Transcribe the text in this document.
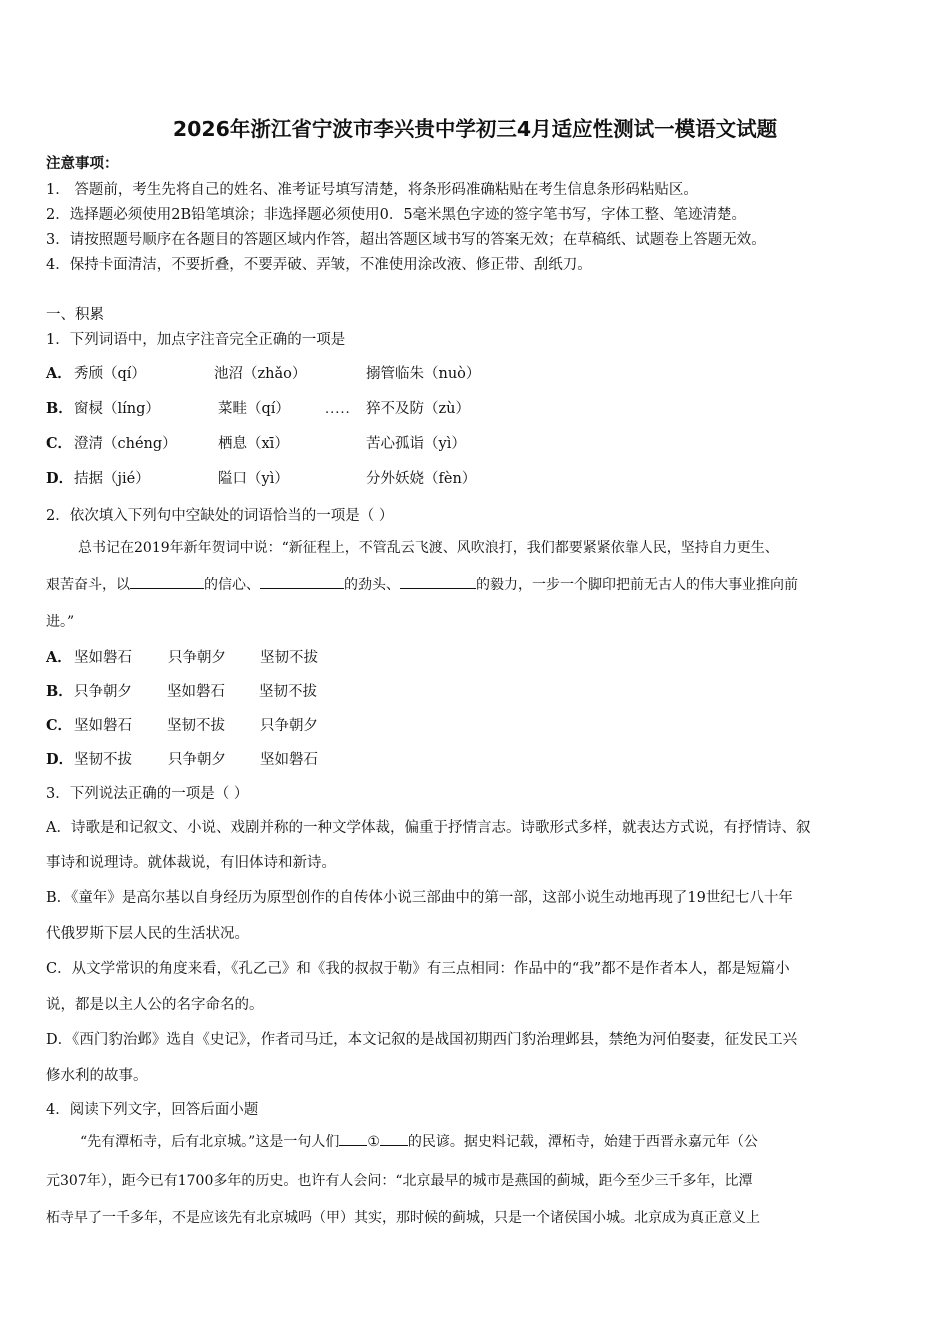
2026年浙江省宁波市李兴贵中学初三4月适应性测试一模语文试题
注意事项：
1． 答题前，考生先将自己的姓名、准考证号填写清楚，将条形码准确粘贴在考生信息条形码粘贴区。
2．选择题必须使用2B铅笔填涂；非选择题必须使用0．5毫米黑色字迹的签字笔书写，字体工整、笔迹清楚。
3．请按照题号顺序在各题目的答题区域内作答，超出答题区域书写的答案无效；在草稿纸、试题卷上答题无效。
4．保持卡面清洁，不要折叠，不要弄破、弄皱，不准使用涂改液、修正带、刮纸刀。
一、积累
1．下列词语中，加点字注音完全正确的一项是
A． 秀颀（qí）	池沼（zhǎo）	搦管临朱（nuò）
B． 窗棂（líng）	菜畦（qí）	..... 猝不及防（zù）
C． 澄清（chéng）	栖息（xī）	苦心孤诣（yì）
D． 拮据（jié）	隘口（yì）	分外妖娆（fèn）
2．依次填入下列句中空缺处的词语恰当的一项是（ ）
总书记在2019年新年贺词中说：“新征程上，不管乱云飞渡、风吹浪打，我们都要紧紧依靠人民，坚持自力更生、
艰苦奋斗，以	的信心、	的劲头、	的毅力，一步一个脚印把前无古人的伟大事业推向前
进。”
A． 坚如磐石 只争朝夕 坚韧不拔
B． 只争朝夕 坚如磐石 坚韧不拔
C． 坚如磐石 坚韧不拔 只争朝夕
D． 坚韧不拔 只争朝夕 坚如磐石
3．下列说法正确的一项是（ ）
A．诗歌是和记叙文、小说、戏剧并称的一种文学体裁，偏重于抒情言志。诗歌形式多样，就表达方式说，有抒情诗、叙
事诗和说理诗。就体裁说，有旧体诗和新诗。
B．《童年》是高尔基以自身经历为原型创作的自传体小说三部曲中的第一部，这部小说生动地再现了19世纪七八十年
代俄罗斯下层人民的生活状况。
C．从文学常识的角度来看，《孔乙己》和《我的叔叔于勒》有三点相同：作品中的“我”都不是作者本人，都是短篇小
说，都是以主人公的名字命名的。
D．《西门豹治邺》选自《史记》，作者司马迁，本文记叙的是战国初期西门豹治理邺县，禁绝为河伯娶妻，征发民工兴
修水利的故事。
4．阅读下列文字，回答后面小题
“先有潭柘寺，后有北京城。”这是一句人们 ① 的民谚。据史料记载，潭柘寺，始建于西晋永嘉元年（公
元307年），距今已有1700多年的历史。也许有人会问：“北京最早的城市是燕国的蓟城，距今至少三千多年，比潭
柘寺早了一千多年，不是应该先有北京城吗（甲）其实，那时候的蓟城，只是一个诸侯国小城。北京成为真正意义上
